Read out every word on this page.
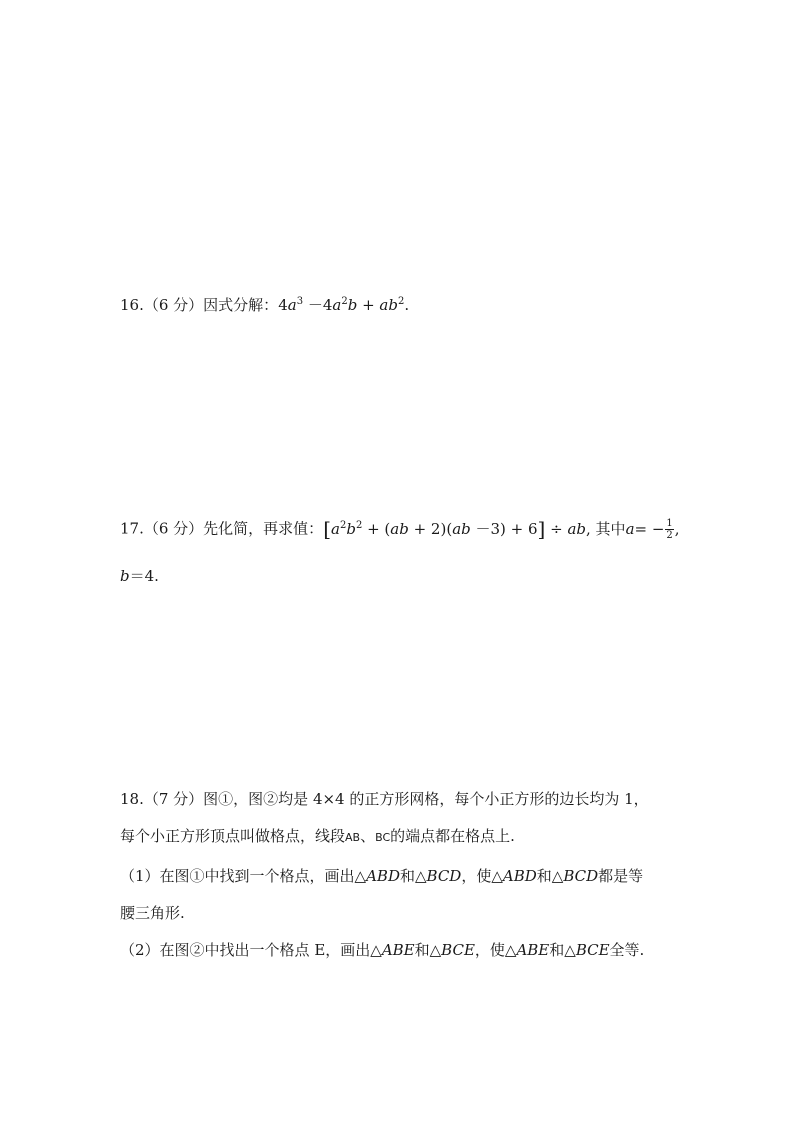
16.（6 分）因式分解：$4a^3 -4a^2b + ab^2$.
17.（6 分）先化简，再求值：$[a^2b^2 + (ab + 2)(ab -3) + 6]$ ÷ ab, 其中$a= - \frac{1}{2}$ ,
b＝4.
18.（7 分）图①，图②均是 4×4 的正方形网格，每个小正方形的边长均为 1，
每个小正方形顶点叫做格点，线段AB、BC的端点都在格点上.
（1）在图①中找到一个格点，画出△ABD和△BCD，使△ABD和△BCD都是等
腰三角形.
（2）在图②中找出一个格点 E，画出△ABE和△BCE，使△ABE和△BCE全等.
